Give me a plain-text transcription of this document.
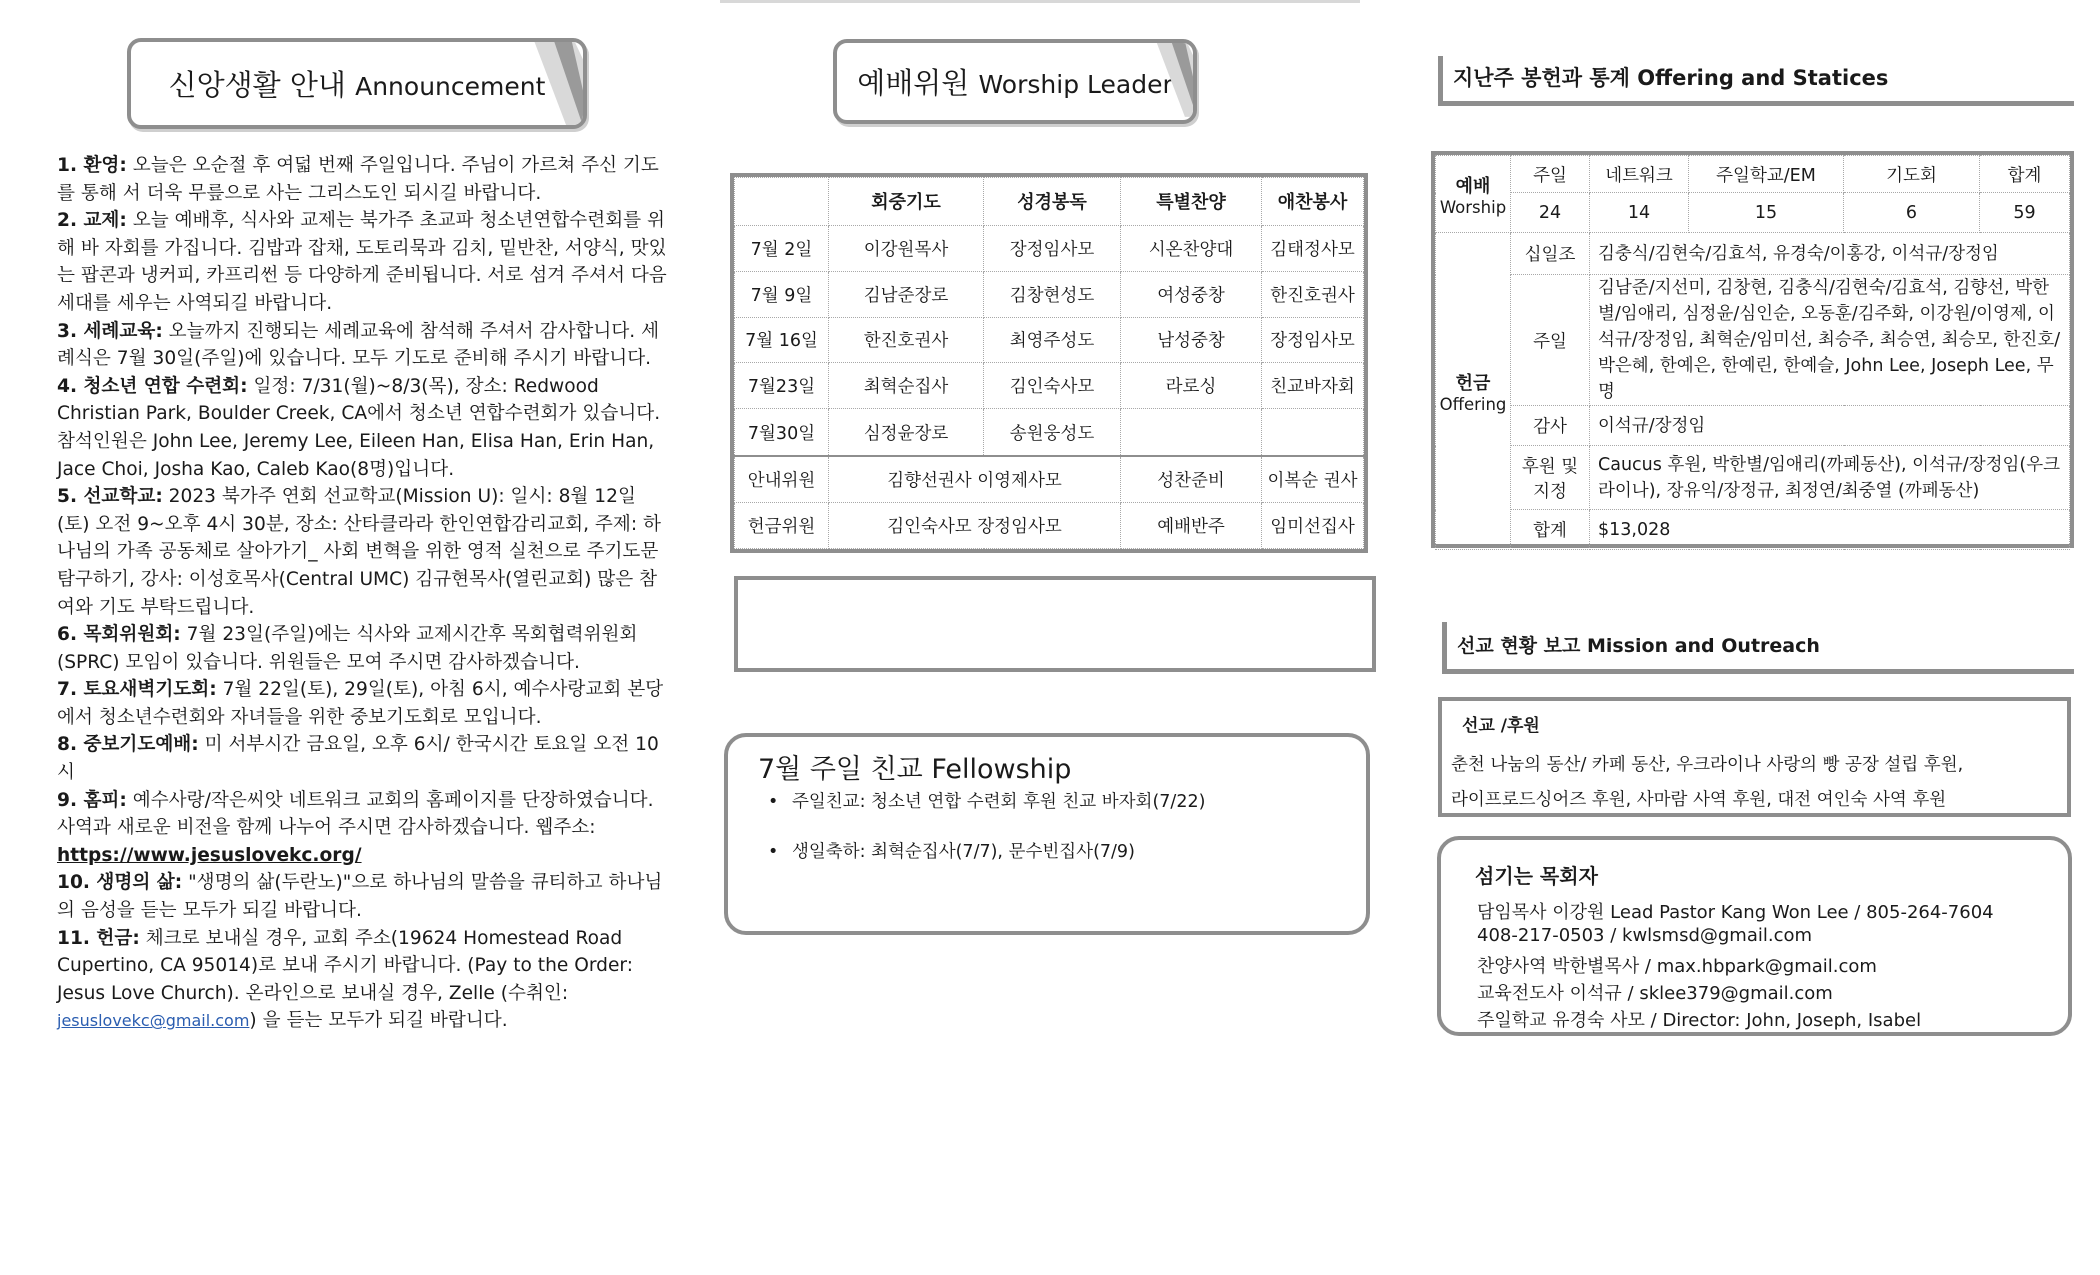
신앙생활 안내 Announcement

1. 환영: 오늘은 오순절 후 여덟 번째 주일입니다. 주님이 가르쳐 주신 기도를 통해 서 더욱 무릎으로 사는 그리스도인 되시길 바랍니다.

2. 교제: 오늘 예배후, 식사와 교제는 북가주 초교파 청소년연합수련회를 위해 바 자회를 가집니다. 김밥과 잡채, 도토리묵과 김치, 밑반찬, 서양식, 맛있는 팝콘과 냉커피, 카프리썬 등 다양하게 준비됩니다. 서로 섬겨 주셔서 다음 세대를 세우는 사역되길 바랍니다.

3. 세례교육: 오늘까지 진행되는 세례교육에 참석해 주셔서 감사합니다. 세례식은 7월 30일(주일)에 있습니다. 모두 기도로 준비해 주시기 바랍니다.

4. 청소년 연합 수련회: 일정: 7/31(월)~8/3(목), 장소: Redwood Christian Park, Boulder Creek, CA에서 청소년 연합수련회가 있습니다.참석인원은 John Lee, Jeremy Lee, Eileen Han, Elisa Han, Erin Han, Jace Choi, Josha Kao, Caleb Kao(8명)입니다.

5. 선교학교: 2023 북가주 연회 선교학교(Mission U): 일시: 8월 12일(토) 오전 9~오후 4시 30분, 장소: 산타클라라 한인연합감리교회, 주제: 하나님의 가족 공동체로 살아가기_ 사회 변혁을 위한 영적 실천으로 주기도문 탐구하기, 강사: 이성호목사(Central UMC) 김규현목사(열린교회) 많은 참여와 기도 부탁드립니다.

6. 목회위원회: 7월 23일(주일)에는 식사와 교제시간후 목회협력위원회(SPRC) 모임이 있습니다. 위원들은 모여 주시면 감사하겠습니다.

7. 토요새벽기도회: 7월 22일(토), 29일(토), 아침 6시, 예수사랑교회 본당에서 청소년수련회와 자녀들을 위한 중보기도회로 모입니다.

8. 중보기도예배: 미 서부시간 금요일, 오후 6시/ 한국시간 토요일 오전 10시

9. 홈피: 예수사랑/작은씨앗 네트워크 교회의 홈페이지를 단장하였습니다. 사역과 새로운 비전을 함께 나누어 주시면 감사하겠습니다. 웹주소: https://www.jesuslovekc.org/

10. 생명의 삶: "생명의 삶(두란노)"으로 하나님의 말씀을 큐티하고 하나님의 음성을 듣는 모두가 되길 바랍니다.

11. 헌금: 체크로 보내실 경우, 교회 주소(19624 Homestead Road Cupertino, CA 95014)로 보내 주시기 바랍니다. (Pay to the Order: Jesus Love Church). 온라인으로 보내실 경우, Zelle (수취인: jesuslovekc@gmail.com) 을 듣는 모두가 되길 바랍니다.

예배위원 Worship Leader
	회중기도	성경봉독	특별찬양	애찬봉사
7월 2일	이강원목사	장정임사모	시온찬양대	김태정사모
7월 9일	김남준장로	김창현성도	여성중창	한진호권사
7월 16일	한진호권사	최영주성도	남성중창	장정임사모
7월23일	최혁순집사	김인숙사모	라로싱	친교바자회
7월30일	심정윤장로	송원웅성도		
안내위원	김향선권사 이영제사모		성찬준비	이복순 권사
헌금위원	김인숙사모 장정임사모		예배반주	임미선집사
7월 주일 친교 Fellowship
• 주일친교: 청소년 연합 수련회 후원 친교 바자회(7/22)
• 생일축하: 최혁순집사(7/7), 문수빈집사(7/9)
지난주 봉헌과 통계 Offering and Statices
예배
Worship	주일	네트워크	주일학교/EM	기도회	합계
	24	14	15	6	59
헌금
Offering	십일조	김충식/김현숙/김효석, 유경숙/이홍강, 이석규/장정임			
	주일	김남준/지선미, 김창현, 김충식/김현숙/김효석, 김향선, 박한별/임애리, 심정윤/심인순, 오동훈/김주화, 이강원/이영제, 이석규/장정임, 최혁순/임미선, 최승주, 최승연, 최승모, 한진호/박은혜, 한예은, 한예린, 한예슬, John Lee, Joseph Lee, 무명			
	감사	이석규/장정임			
	후원 및 지정	Caucus 후원, 박한별/임애리(까페동산), 이석규/장정임(우크라이나), 장유익/장정규, 최정연/최중열 (까페동산)			
	합계	$13,028			
선교 현황 보고 Mission and Outreach
선교 /후원
춘천 나눔의 동산/ 카페 동산, 우크라이나 사랑의 빵 공장 설립 후원,
라이프로드싱어즈 후원, 사마람 사역 후원, 대전 여인숙 사역 후원
섬기는 목회자
담임목사 이강원 Lead Pastor Kang Won Lee / 805-264-7604
408-217-0503 / kwlsmsd@gmail.com
찬양사역 박한별목사 / max.hbpark@gmail.com
교육전도사 이석규 / sklee379@gmail.com
주일학교 유경숙 사모 / Director: John, Joseph, Isabel
